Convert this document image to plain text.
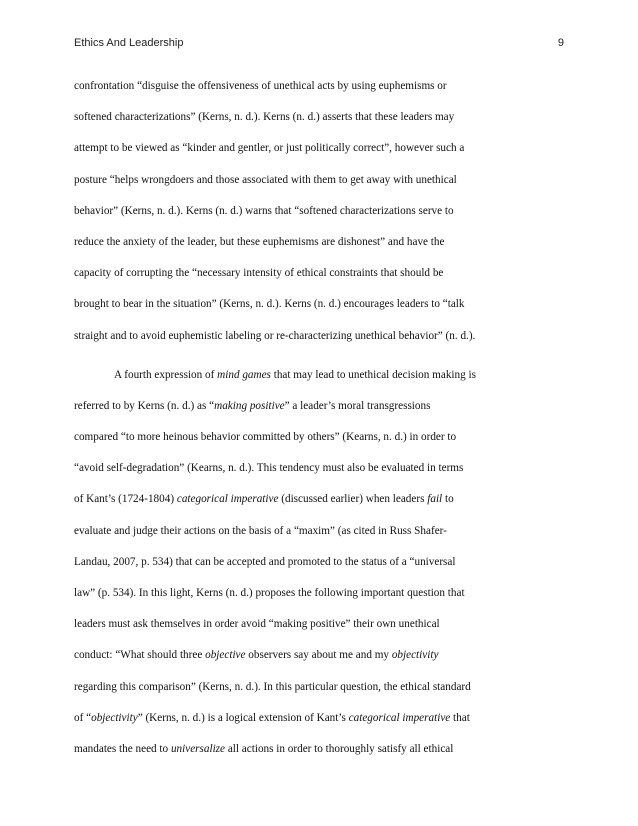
Ethics And Leadership	9
confrontation “disguise the offensiveness of unethical acts by using euphemisms or
softened characterizations” (Kerns, n. d.). Kerns (n. d.) asserts that these leaders may
attempt to be viewed as “kinder and gentler, or just politically correct”, however such a
posture “helps wrongdoers and those associated with them to get away with unethical
behavior” (Kerns, n. d.). Kerns (n. d.) warns that “softened characterizations serve to
reduce the anxiety of the leader, but these euphemisms are dishonest” and have the
capacity of corrupting the “necessary intensity of ethical constraints that should be
brought to bear in the situation” (Kerns, n. d.). Kerns (n. d.) encourages leaders to “talk
straight and to avoid euphemistic labeling or re-characterizing unethical behavior” (n. d.).
A fourth expression of mind games that may lead to unethical decision making is
referred to by Kerns (n. d.) as “making positive” a leader’s moral transgressions
compared “to more heinous behavior committed by others” (Kearns, n. d.) in order to
“avoid self-degradation” (Kearns, n. d.). This tendency must also be evaluated in terms
of Kant’s (1724-1804) categorical imperative (discussed earlier) when leaders fail to
evaluate and judge their actions on the basis of a “maxim” (as cited in Russ Shafer-
Landau, 2007, p. 534) that can be accepted and promoted to the status of a “universal
law” (p. 534). In this light, Kerns (n. d.) proposes the following important question that
leaders must ask themselves in order avoid “making positive” their own unethical
conduct: “What should three objective observers say about me and my objectivity
regarding this comparison” (Kerns, n. d.). In this particular question, the ethical standard
of “objectivity” (Kerns, n. d.) is a logical extension of Kant’s categorical imperative that
mandates the need to universalize all actions in order to thoroughly satisfy all ethical
